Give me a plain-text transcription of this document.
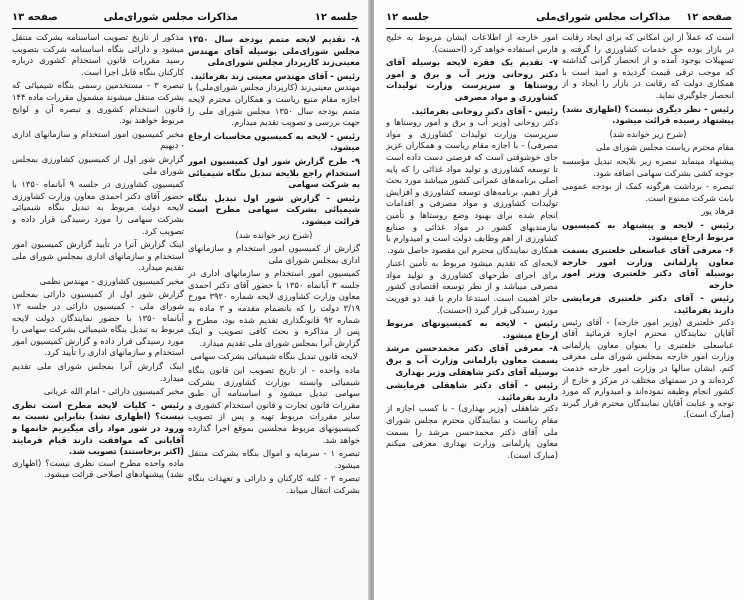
جلسه ۱۲
مذاکرات مجلس شورای‌ملی
صفحه ۱۳
۸- تقدیم لایحه متمم بودجه سال ۱۳۵۰ مجلس شورای‌ملی بوسیله آقای مهندس معینی‌زند کارپرداز مجلس شورای‌ملی
رئیس - آقای مهندس معینی زند بفرمائید.
مهندس معینی‌زند (کارپرداز مجلس شورای‌ملی) با اجازه مقام منیع ریاست و همکاران محترم لایحه متمم بودجه سال ۱۳۵۰ مجلس شورای ملی را جهت بررسی و تصویب تقدیم میدارم.
رئیس - لایحه به کمیسیون محاسبات ارجاع میشود.
۹- طرح گزارش شور اول کمیسیون امور استخدام راجع بلایحه تبدیل بنگاه شیمیائی به شرکت سهامی
رئیس - گزارش شور اول تبدیل بنگاه شیمیائی بشرکت سهامی مطرح است قرائت میشود.
(شرح زیر خوانده شد)
گزارش از کمیسیون امور استخدام و سازمانهای اداری بمجلس شورای ملی
کمیسیون امور استخدام و سازمانهای اداری در جلسه ۳ آبانماه ۱۳۵۰ با حضور آقای دکتر احمدی معاون وزارت کشاورزی لایحه شماره ۳۹۲۰ مورخ ۳/۱۹ دولت را که بانضمام مقدمه و ۳ ماده به شماره ۹۲ قانونگذاری تقدیم شده بود، مطرح و پس از مذاکره و بحث کافی تصویب و اینک گزارش آنرا بمجلس شورای ملی تقدیم میدارد.
لایحه قانون تبدیل بنگاه شیمیائی بشرکت سهامی
ماده واحده - از تاریخ تصویب این قانون بنگاه شیمیائی وابسته بوزارت کشاورزی بشرکت سهامی تبدیل میشود و اساسنامه آن طبق مقررات قانون تجارت و قانون استخدام کشوری و سایر مقررات مربوط تهیه و پس از تصویب کمیسیونهای مربوط مجلسین بموقع اجرا گذارده خواهد شد.
تبصره ۱ - سرمایه و اموال بنگاه بشرکت منتقل میشود.
تبصره ۲ - کلیه کارکنان و دارائی و تعهدات بنگاه بشرکت انتقال مییابد.
مذکور از تاریخ تصویب اساسنامه بشرکت منتقل میشود و دارائی بنگاه اساسنامه شرکت بتصویب رسید مقررات قانون استخدام کشوری درباره کارکنان بنگاه قابل اجرا است.
تبصره ۳ - مستخدمین رسمی بنگاه شیمیائی که بشرکت منتقل میشوند مشمول مقررات ماده ۱۴۴ قانون استخدام کشوری و تبصره آن و لوایح مربوط خواهند بود.
مخبر کمیسیون امور استخدام و سازمانهای اداری - دیهیم
گزارش شور اول از کمیسیون کشاورزی بمجلس شورای ملی
کمیسیون کشاورزی در جلسه ۹ آبانماه ۱۳۵۰ با حضور آقای دکتر احمدی معاون وزارت کشاورزی لایحه دولت مربوط به تبدیل بنگاه شیمیائی بشرکت سهامی را مورد رسیدگی قرار داده و تصویب کرد.
اینک گزارش آنرا در تأیید گزارش کمیسیون امور استخدام و سازمانهای اداری بمجلس شورای ملی تقدیم میدارد.
مخبر کمیسیون کشاورزی - مهندس نظمی
گزارش شور اول از کمیسیون دارائی بمجلس شورای ملی - کمیسیون دارائی در جلسه ۱۲ آبانماه ۱۳۵۰ با حضور نمایندگان دولت لایحه مربوط به تبدیل بنگاه شیمیائی بشرکت سهامی را مورد رسیدگی قرار داده و گزارش کمیسیون امور استخدام و سازمانهای اداری را تأیید کرد.
اینک گزارش آنرا بمجلس شورای ملی تقدیم میدارد.
مخبر کمیسیون دارائی - امام الله عریانی
رئیس - کلیات لایحه مطرح است نظری نیست؟ (اظهاری نشد) بنابراین نسبت به ورود در شور مواد رأی میگیریم خانمها و آقایانی که موافقت دارند قیام فرمایند (اکثر برخاستند) تصویب شد.
ماده واحده مطرح است نظری نیست؟ (اظهاری نشد) پیشنهادهای اصلاحی قرائت میشود.
صفحه ۱۲
مذاکرات مجلس شورای‌ملی
جلسه ۱۲
است که عملاً از این امکانی که برای ایجاد رقابت در بازار بوده حق خدمات کشاورزی را گرفته و تسهیلات بوجود آمده و از انحصار گرانی گذاشته که موجب ترقی قیمت گردیده و امید است با همکاری دولت که رقابت در بازار را ایجاد و از انحصار جلوگیری نماید.
رئیس - نظر دیگری نیست؟ (اظهاری نشد) پیشنهاد رسیده قرائت میشود.
(شرح زیر خوانده شد)
مقام محترم ریاست مجلس شورای ملی
پیشنهاد مینماید تبصره زیر بلایحه تبدیل مؤسسه جوجه کشی بشرکت سهامی اضافه شود.
تبصره - برداشت هرگونه کمک از بودجه عمومی بابت شرکت ممنوع است.
فرهاد پور
رئیس - لایحه و پیشنهاد به کمیسیون مربوط ارجاع میشود.
۶- معرفی آقای عباسعلی خلعتبری بسمت معاون پارلمانی وزارت امور خارجه بوسیله آقای دکتر خلعتبری وزیر امور خارجه
رئیس - آقای دکتر خلعتبری فرمایشی دارید بفرمائید.
دکتر خلعتبری (وزیر امور خارجه) - آقای رئیس آقایان نمایندگان محترم اجازه فرمائید آقای عباسعلی خلعتبری را بعنوان معاون پارلمانی وزارت امور خارجه بمجلس شورای ملی معرفی کنم. ایشان سالها در وزارت امور خارجه خدمت کرده‌اند و در سمتهای مختلف در مرکز و خارج از کشور انجام وظیفه نموده‌اند و امیدوارم که مورد توجه و عنایت آقایان نمایندگان محترم قرار گیرند (مبارک است).
امور خارجه از اطلاعات ایشان مربوط به خلیج فارس استفاده خواهد کرد (احسنت).
۷- تقدیم یک فقره لایحه بوسیله آقای دکتر روحانی وزیر آب و برق و امور روستاها و سرپرست وزارت تولیدات کشاورزی و مواد مصرفی
رئیس - آقای دکتر روحانی بفرمائید.
دکتر روحانی (وزیر آب و برق و امور روستاها و سرپرست وزارت تولیدات کشاورزی و مواد مصرفی) - با اجازه مقام ریاست و همکاران عزیز جای خوشوقتی است که فرصتی دست داده است تا توسعه کشاورزی و تولید مواد غذائی را که پایه اصلی برنامه‌های عمرانی کشور میباشد مورد بحث قرار دهیم. برنامه‌های توسعه کشاورزی و افزایش تولیدات کشاورزی و مواد مصرفی و اقدامات انجام شده برای بهبود وضع روستاها و تأمین نیازمندیهای کشور در مواد غذائی و صنایع کشاورزی از اهم وظایف دولت است و امیدوارم با همکاری نمایندگان محترم این مقصود حاصل شود.
لایحه‌ای که تقدیم میشود مربوط به تأمین اعتبار برای اجرای طرحهای کشاورزی و تولید مواد مصرفی میباشد و از نظر توسعه اقتصادی کشور حائز اهمیت است. استدعا دارم با قید دو فوریت مورد رسیدگی قرار گیرد (احسنت).
رئیس - لایحه به کمیسیونهای مربوط ارجاع میشود.
۸- معرفی آقای دکتر محمدحسن مرشد بسمت معاون پارلمانی وزارت آب و برق بوسیله آقای دکتر شاهقلی وزیر بهداری
رئیس - آقای دکتر شاهقلی فرمایشی دارید بفرمائید.
دکتر شاهقلی (وزیر بهداری) - با کسب اجازه از مقام ریاست و نمایندگان محترم مجلس شورای ملی آقای دکتر محمدحسن مرشد را بسمت معاون پارلمانی وزارت بهداری معرفی میکنم (مبارک است).
